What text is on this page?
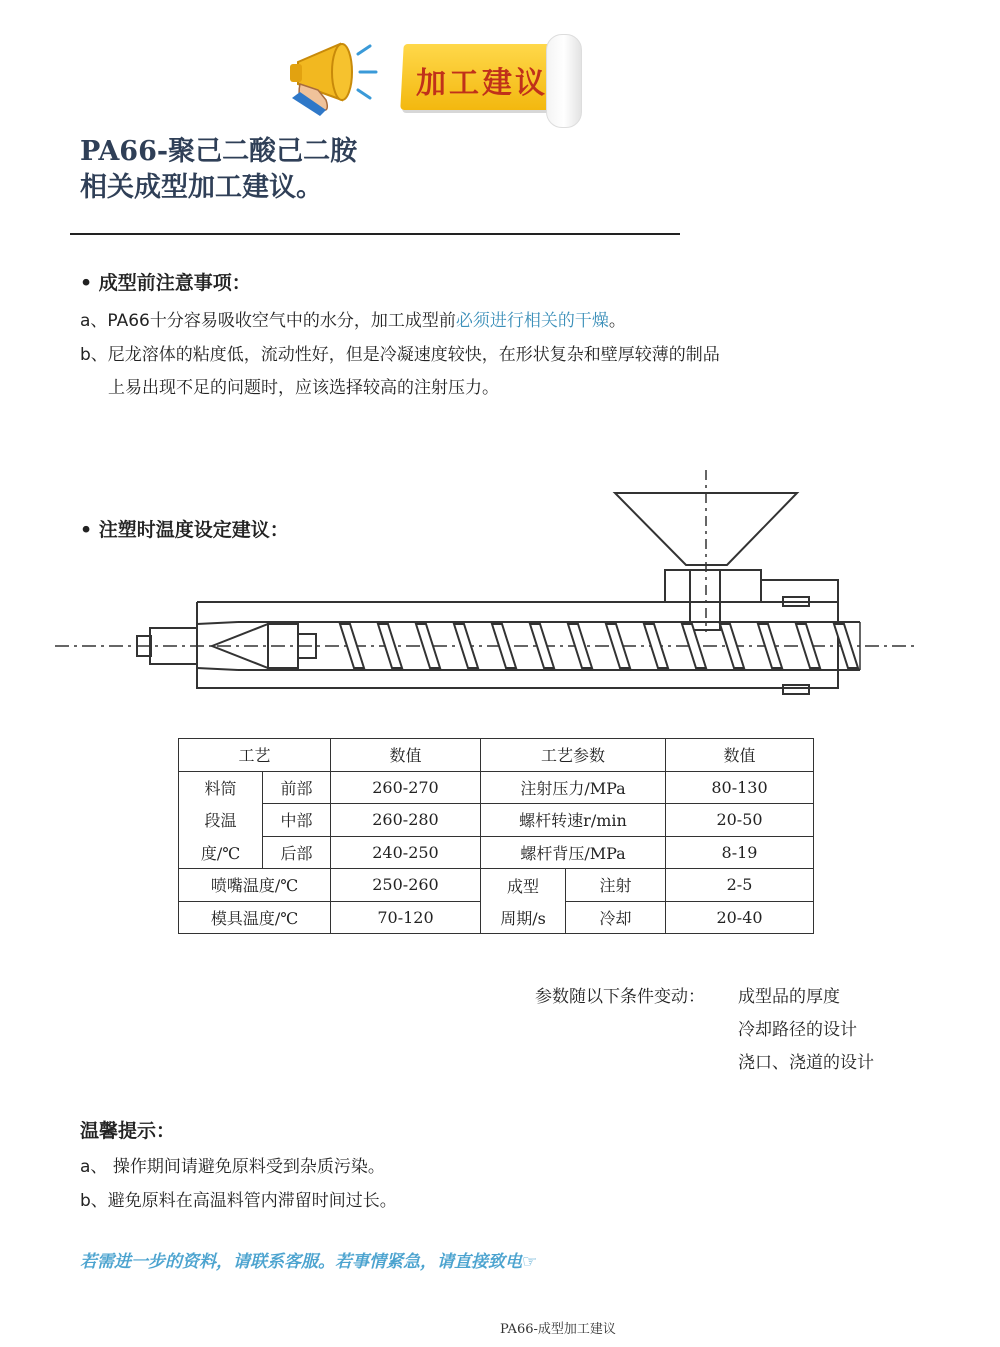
加工建议
PA66-聚己二酸己二胺
相关成型加工建议。
• 成型前注意事项：
a、PA66十分容易吸收空气中的水分，加工成型前必须进行相关的干燥。
b、尼龙溶体的粘度低，流动性好，但是冷凝速度较快，在形状复杂和壁厚较薄的制品
上易出现不足的问题时，应该选择较高的注射压力。
• 注塑时温度设定建议：
工艺		数值	工艺参数		数值
料筒	前部	260-270	注射压力/MPa		80-130
段温	中部	260-280	螺杆转速r/min		20-50
度/℃	后部	240-250	螺杆背压/MPa		8-19
喷嘴温度/℃		250-260	成型	注射	2-5
模具温度/℃		70-120	周期/s	冷却	20-40
参数随以下条件变动： 成型品的厚度
冷却路径的设计
浇口、浇道的设计
温馨提示：
a、 操作期间请避免原料受到杂质污染。
b、避免原料在高温料管内滞留时间过长。
若需进一步的资料，请联系客服。若事情紧急，请直接致电☞
PA66-成型加工建议
